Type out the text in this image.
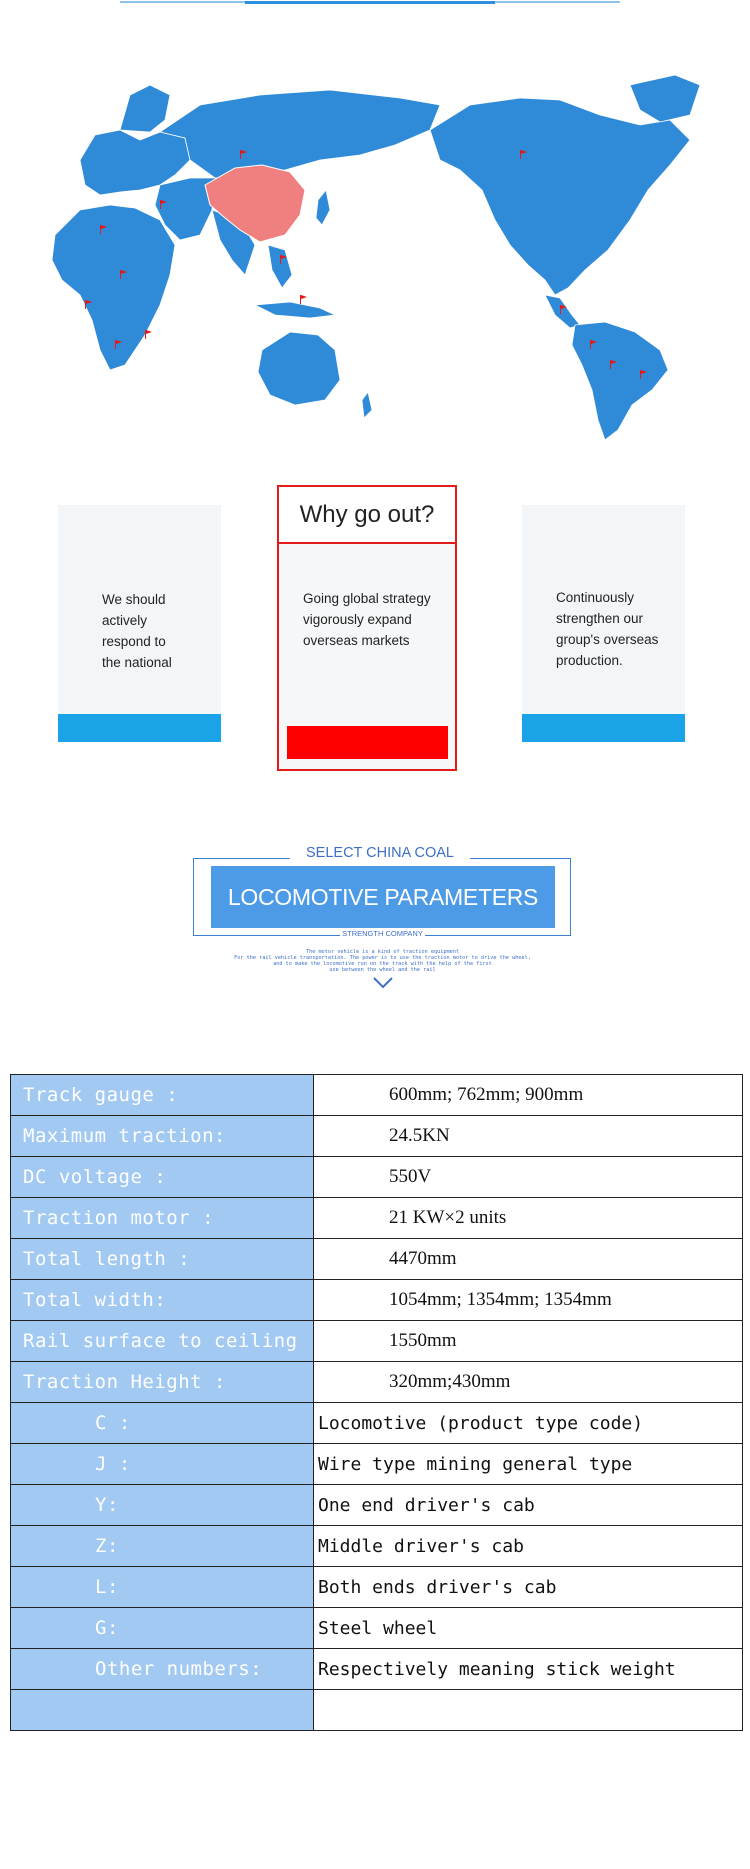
We should
actively
respond to
the national
Why go out?
Going global strategy
vigorously expand
overseas markets
Continuously
strengthen our
group's overseas
production.
SELECT CHINA COAL
LOCOMOTIVE PARAMETERS
STRENGTH COMPANY
The motor vehicle is a kind of traction equipment
For the rail vehicle transportation. The power is to use the traction motor to drive the wheel,
and to make the locomotive run on the track with the help of the first
use between the wheel and the rail
Track gauge :	600mm; 762mm; 900mm
Maximum traction:	24.5KN
DC voltage :	550V
Traction motor :	21 KW×2 units
Total length :	4470mm
Total width:	1054mm; 1354mm; 1354mm
Rail surface to ceiling	1550mm
Traction Height :	320mm;430mm
C :	Locomotive (product type code)
J :	Wire type mining general type
Y:	One end driver's cab
Z:	Middle driver's cab
L:	Both ends driver's cab
G:	Steel wheel
Other numbers:	Respectively meaning stick weight
